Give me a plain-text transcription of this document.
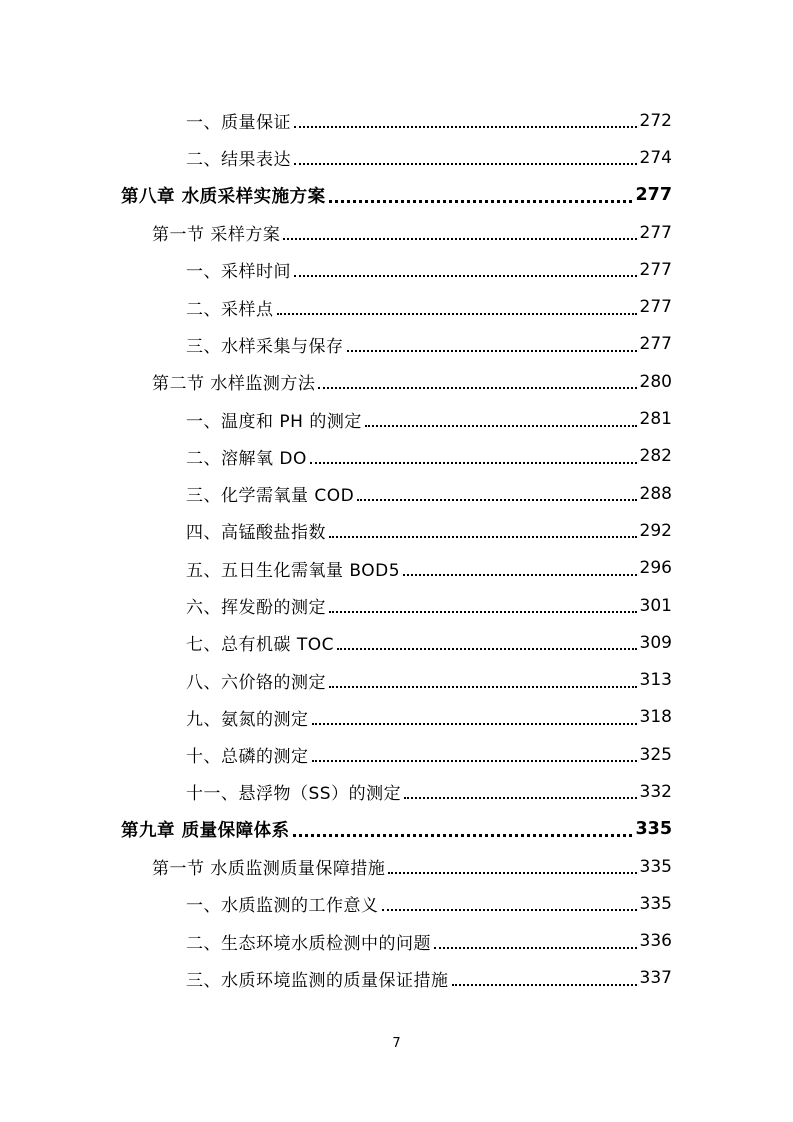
一、质量保证	272
二、结果表达	274
第八章 水质采样实施方案	277
第一节 采样方案	277
一、采样时间	277
二、采样点	277
三、水样采集与保存	277
第二节 水样监测方法	280
一、温度和 PH 的测定	281
二、溶解氧 DO	282
三、化学需氧量 COD	288
四、高锰酸盐指数	292
五、五日生化需氧量 BOD5	296
六、挥发酚的测定	301
七、总有机碳 TOC	309
八、六价铬的测定	313
九、氨氮的测定	318
十、总磷的测定	325
十一、悬浮物（SS）的测定	332
第九章 质量保障体系	335
第一节 水质监测质量保障措施	335
一、水质监测的工作意义	335
二、生态环境水质检测中的问题	336
三、水质环境监测的质量保证措施	337
7
